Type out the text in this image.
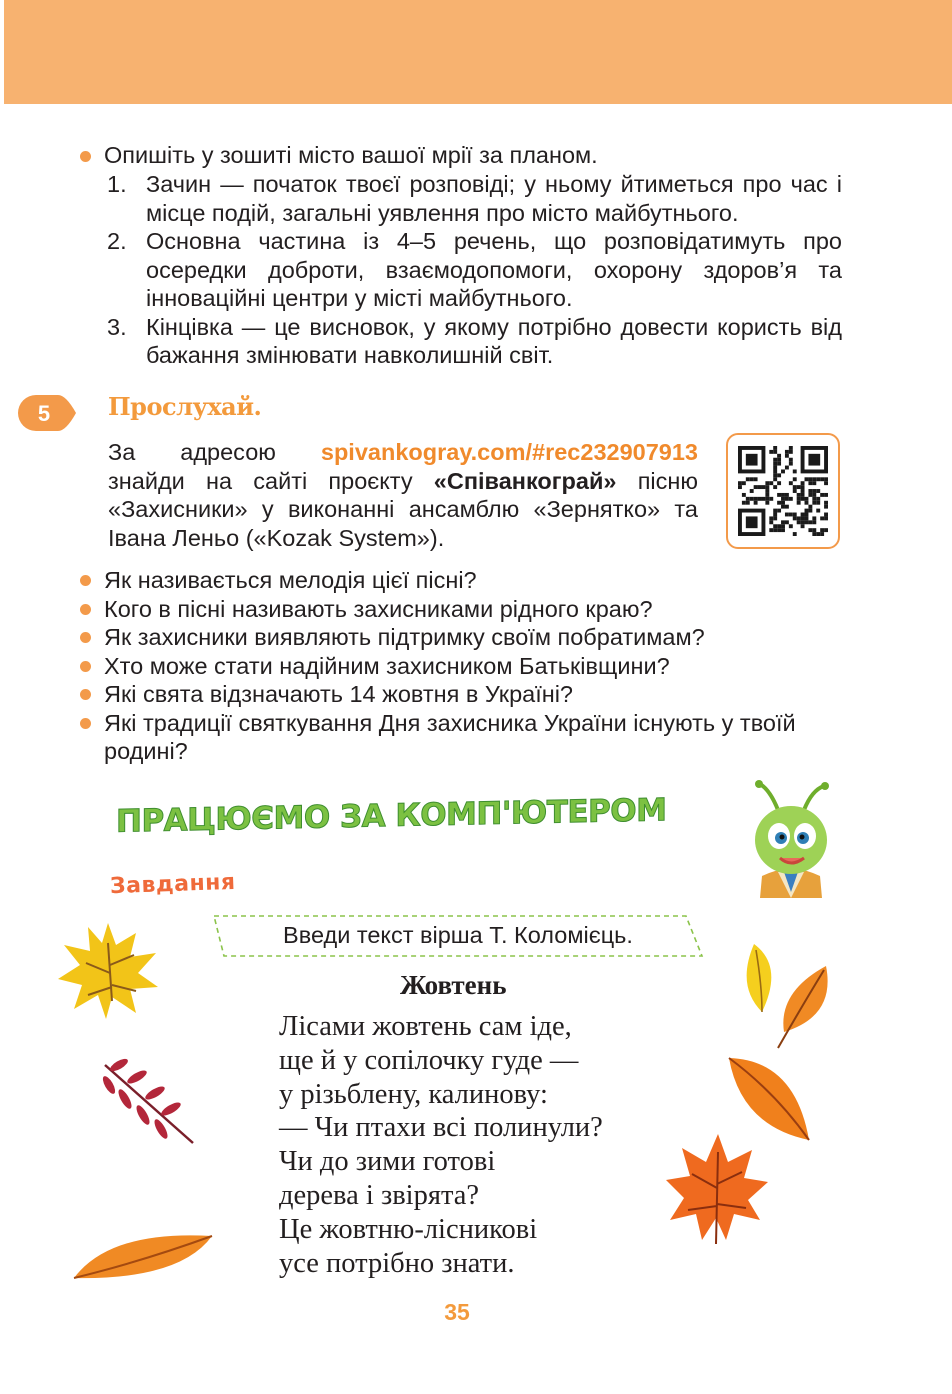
Опишіть у зошиті місто вашої мрії за планом.
1. Зачин — початок твоєї розповіді; у ньому йтиметься про час і місце подій, загальні уявлення про місто майбутнього.
2. Основна частина із 4–5 речень, що розповідатимуть про осередки доброти, взаємодопомоги, охорону здоров’я та інноваційні центри у місті майбутнього.
3. Кінцівка — це висновок, у якому потрібно довести користь від бажання змінювати навколишній світ.
5 Прослухай.
За адресою spivankogray.com/#rec232907913 знайди на сайті проєкту «Співанкограй» пісню «Захисники» у виконанні ансамблю «Зернятко» та Івана Леньо («Kozak System»).
Як називається мелодія цієї пісні?
Кого в пісні називають захисниками рідного краю?
Як захисники виявляють підтримку своїм побратимам?
Хто може стати надійним захисником Батьківщини?
Які свята відзначають 14 жовтня в Україні?
Які традиції святкування Дня захисника України існують у твоїй родині?
ПРАЦЮЄМО ЗА КОМП'ЮТЕРОМ
Завдання
Введи текст вірша Т. Коломієць.
Жовтень
Лісами жовтень сам іде,
ще й у сопілочку гуде —
у різьблену, калинову:
— Чи птахи всі полинули?
Чи до зими готові
дерева і звірята?
Це жовтню-лісникові
усе потрібно знати.
35
